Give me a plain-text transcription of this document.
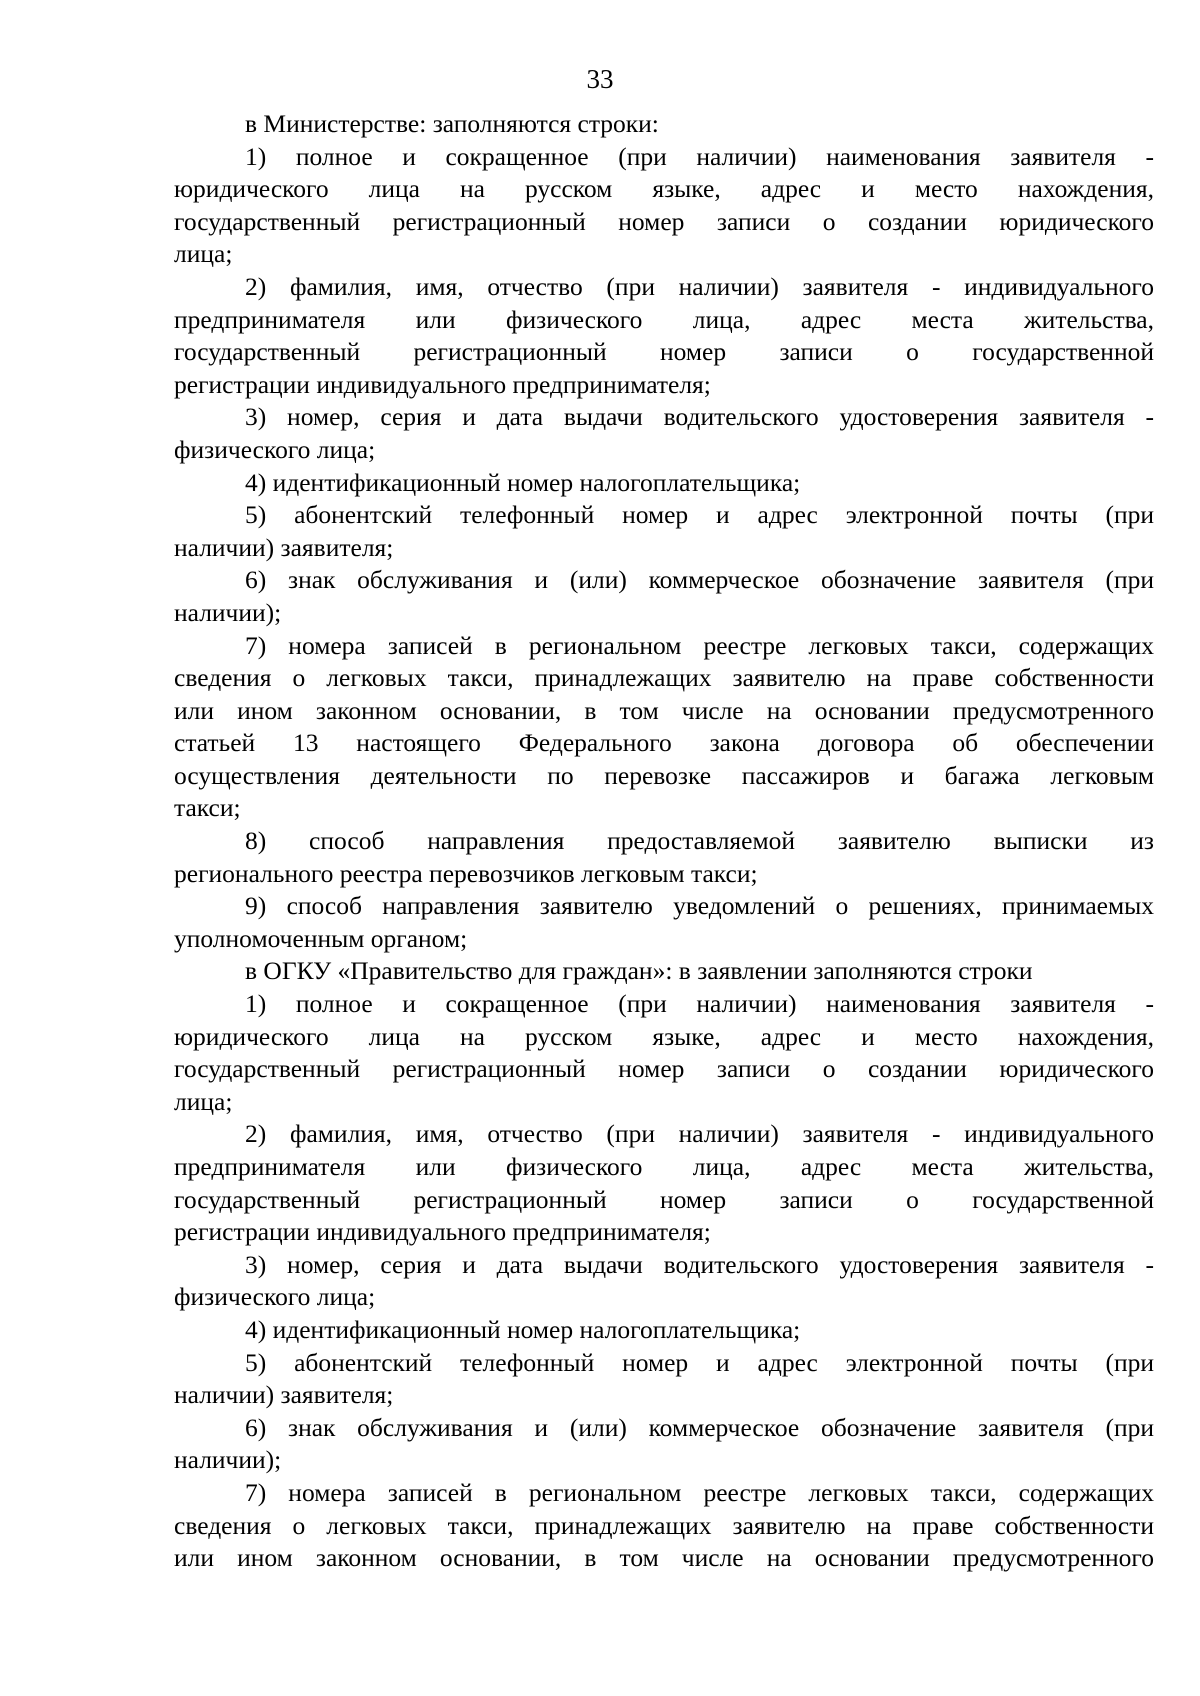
33
в Министерстве: заполняются строки:
1) полное и сокращенное (при наличии) наименования заявителя -
юридического лица на русском языке, адрес и место нахождения,
государственный регистрационный номер записи о создании юридического
лица;
2) фамилия, имя, отчество (при наличии) заявителя - индивидуального
предпринимателя или физического лица, адрес места жительства,
государственный регистрационный номер записи о государственной
регистрации индивидуального предпринимателя;
3) номер, серия и дата выдачи водительского удостоверения заявителя -
физического лица;
4) идентификационный номер налогоплательщика;
5) абонентский телефонный номер и адрес электронной почты (при
наличии) заявителя;
6) знак обслуживания и (или) коммерческое обозначение заявителя (при
наличии);
7) номера записей в региональном реестре легковых такси, содержащих
сведения о легковых такси, принадлежащих заявителю на праве собственности
или ином законном основании, в том числе на основании предусмотренного
статьей 13 настоящего Федерального закона договора об обеспечении
осуществления деятельности по перевозке пассажиров и багажа легковым
такси;
8) способ направления предоставляемой заявителю выписки из
регионального реестра перевозчиков легковым такси;
9) способ направления заявителю уведомлений о решениях, принимаемых
уполномоченным органом;
в ОГКУ «Правительство для граждан»: в заявлении заполняются строки
1) полное и сокращенное (при наличии) наименования заявителя -
юридического лица на русском языке, адрес и место нахождения,
государственный регистрационный номер записи о создании юридического
лица;
2) фамилия, имя, отчество (при наличии) заявителя - индивидуального
предпринимателя или физического лица, адрес места жительства,
государственный регистрационный номер записи о государственной
регистрации индивидуального предпринимателя;
3) номер, серия и дата выдачи водительского удостоверения заявителя -
физического лица;
4) идентификационный номер налогоплательщика;
5) абонентский телефонный номер и адрес электронной почты (при
наличии) заявителя;
6) знак обслуживания и (или) коммерческое обозначение заявителя (при
наличии);
7) номера записей в региональном реестре легковых такси, содержащих
сведения о легковых такси, принадлежащих заявителю на праве собственности
или ином законном основании, в том числе на основании предусмотренного
